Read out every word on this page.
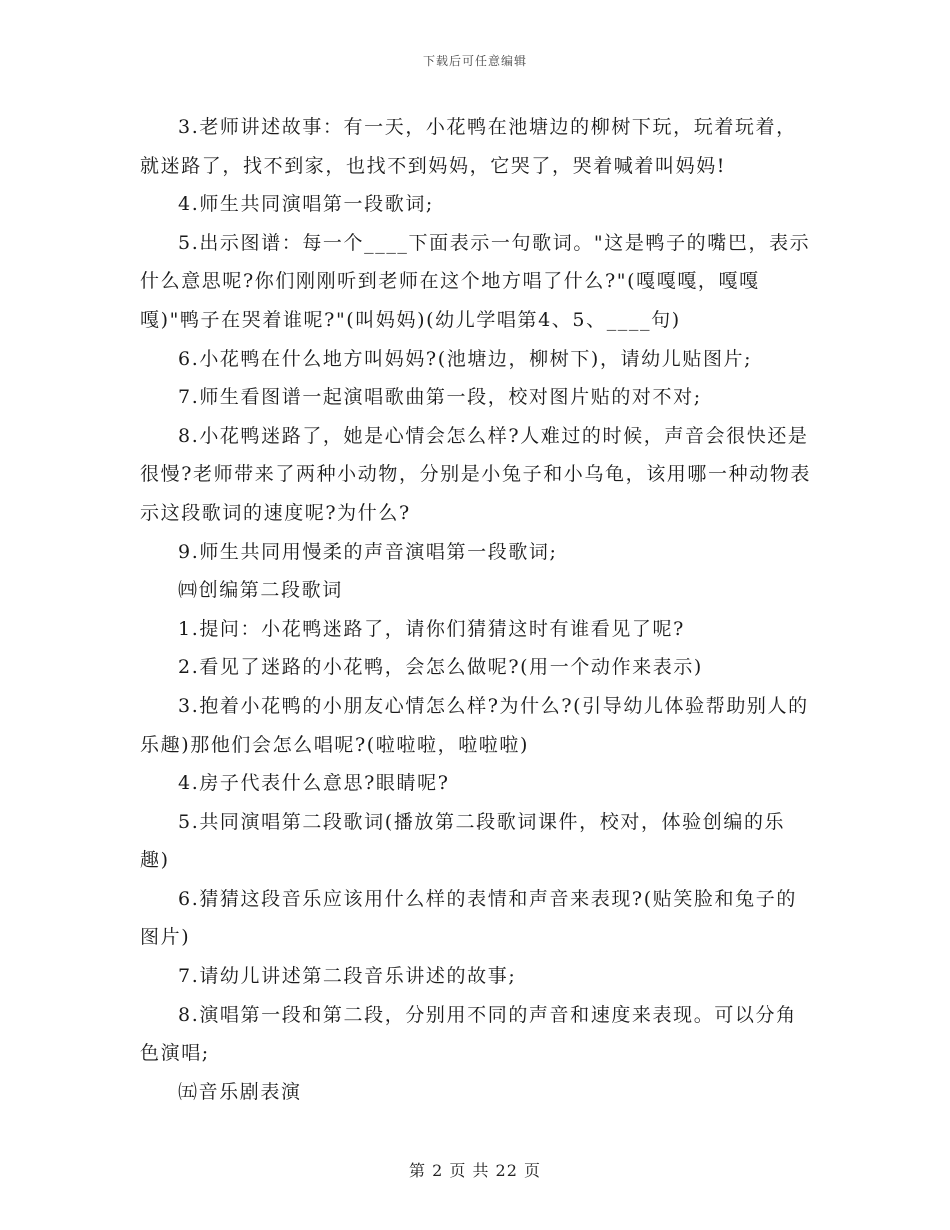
下载后可任意编辑

3.老师讲述故事：有一天，小花鸭在池塘边的柳树下玩，玩着玩着，就迷路了，找不到家，也找不到妈妈，它哭了，哭着喊着叫妈妈!

4.师生共同演唱第一段歌词;

5.出示图谱：每一个____下面表示一句歌词。"这是鸭子的嘴巴，表示什么意思呢?你们刚刚听到老师在这个地方唱了什么?"(嘎嘎嘎，嘎嘎嘎)"鸭子在哭着谁呢?"(叫妈妈)(幼儿学唱第4、5、____句)

6.小花鸭在什么地方叫妈妈?(池塘边，柳树下)，请幼儿贴图片;

7.师生看图谱一起演唱歌曲第一段，校对图片贴的对不对;

8.小花鸭迷路了，她是心情会怎么样?人难过的时候，声音会很快还是很慢?老师带来了两种小动物，分别是小兔子和小乌龟，该用哪一种动物表示这段歌词的速度呢?为什么?

9.师生共同用慢柔的声音演唱第一段歌词;

㈣创编第二段歌词

1.提问：小花鸭迷路了，请你们猜猜这时有谁看见了呢?

2.看见了迷路的小花鸭，会怎么做呢?(用一个动作来表示)

3.抱着小花鸭的小朋友心情怎么样?为什么?(引导幼儿体验帮助别人的乐趣)那他们会怎么唱呢?(啦啦啦，啦啦啦)

4.房子代表什么意思?眼睛呢?

5.共同演唱第二段歌词(播放第二段歌词课件，校对，体验创编的乐趣)

6.猜猜这段音乐应该用什么样的表情和声音来表现?(贴笑脸和兔子的图片)

7.请幼儿讲述第二段音乐讲述的故事;

8.演唱第一段和第二段，分别用不同的声音和速度来表现。可以分角色演唱;

㈤音乐剧表演

第 2 页 共 22 页
